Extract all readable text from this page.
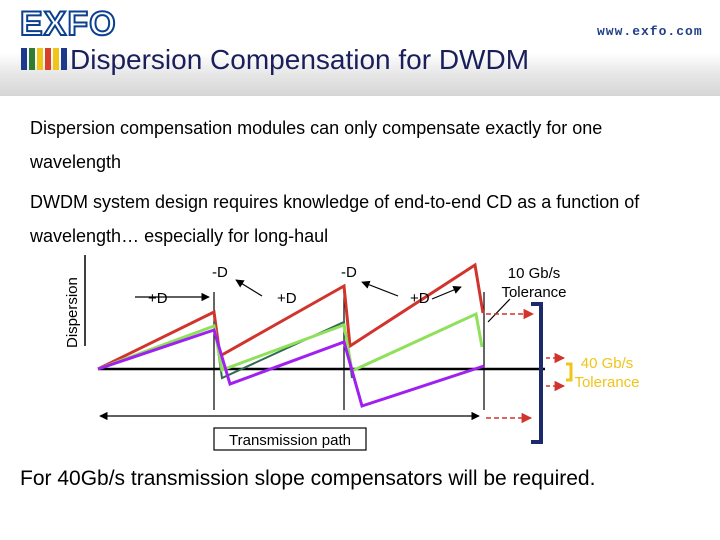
EXFO	www.exfo.com
Dispersion Compensation for DWDM
Dispersion compensation modules can only compensate exactly for one wavelength
DWDM system design requires knowledge of end-to-end CD as a function of wavelength… especially for long-haul
Dispersion	+D
-D
+D
-D
+D
10 Gb/s
Tolerance
40 Gb/s
Tolerance
Transmission path
For 40Gb/s transmission slope compensators will be required.
